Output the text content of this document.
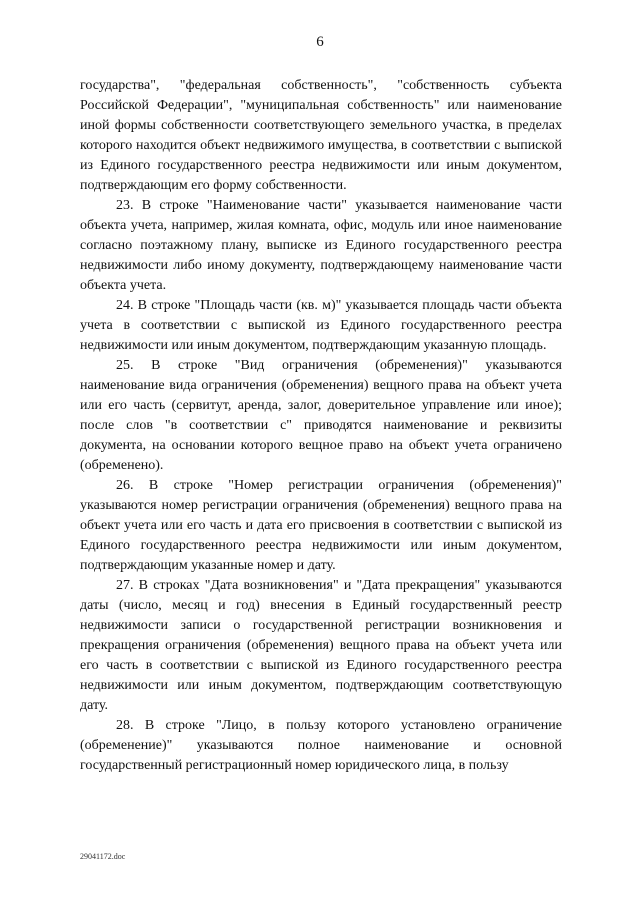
6

государства", "федеральная собственность", "собственность субъекта Российской Федерации", "муниципальная собственность" или наименование иной формы собственности соответствующего земельного участка, в пределах которого находится объект недвижимого имущества, в соответствии с выпиской из Единого государственного реестра недвижимости или иным документом, подтверждающим его форму собственности.

23. В строке "Наименование части" указывается наименование части объекта учета, например, жилая комната, офис, модуль или иное наименование согласно поэтажному плану, выписке из Единого государственного реестра недвижимости либо иному документу, подтверждающему наименование части объекта учета.

24. В строке "Площадь части (кв. м)" указывается площадь части объекта учета в соответствии с выпиской из Единого государственного реестра недвижимости или иным документом, подтверждающим указанную площадь.

25. В строке "Вид ограничения (обременения)" указываются наименование вида ограничения (обременения) вещного права на объект учета или его часть (сервитут, аренда, залог, доверительное управление или иное); после слов "в соответствии с" приводятся наименование и реквизиты документа, на основании которого вещное право на объект учета ограничено (обременено).

26. В строке "Номер регистрации ограничения (обременения)" указываются номер регистрации ограничения (обременения) вещного права на объект учета или его часть и дата его присвоения в соответствии с выпиской из Единого государственного реестра недвижимости или иным документом, подтверждающим указанные номер и дату.

27. В строках "Дата возникновения" и "Дата прекращения" указываются даты (число, месяц и год) внесения в Единый государственный реестр недвижимости записи о государственной регистрации возникновения и прекращения ограничения (обременения) вещного права на объект учета или его часть в соответствии с выпиской из Единого государственного реестра недвижимости или иным документом, подтверждающим соответствующую дату.

28. В строке "Лицо, в пользу которого установлено ограничение (обременение)" указываются полное наименование и основной государственный регистрационный номер юридического лица, в пользу

29041172.doc
